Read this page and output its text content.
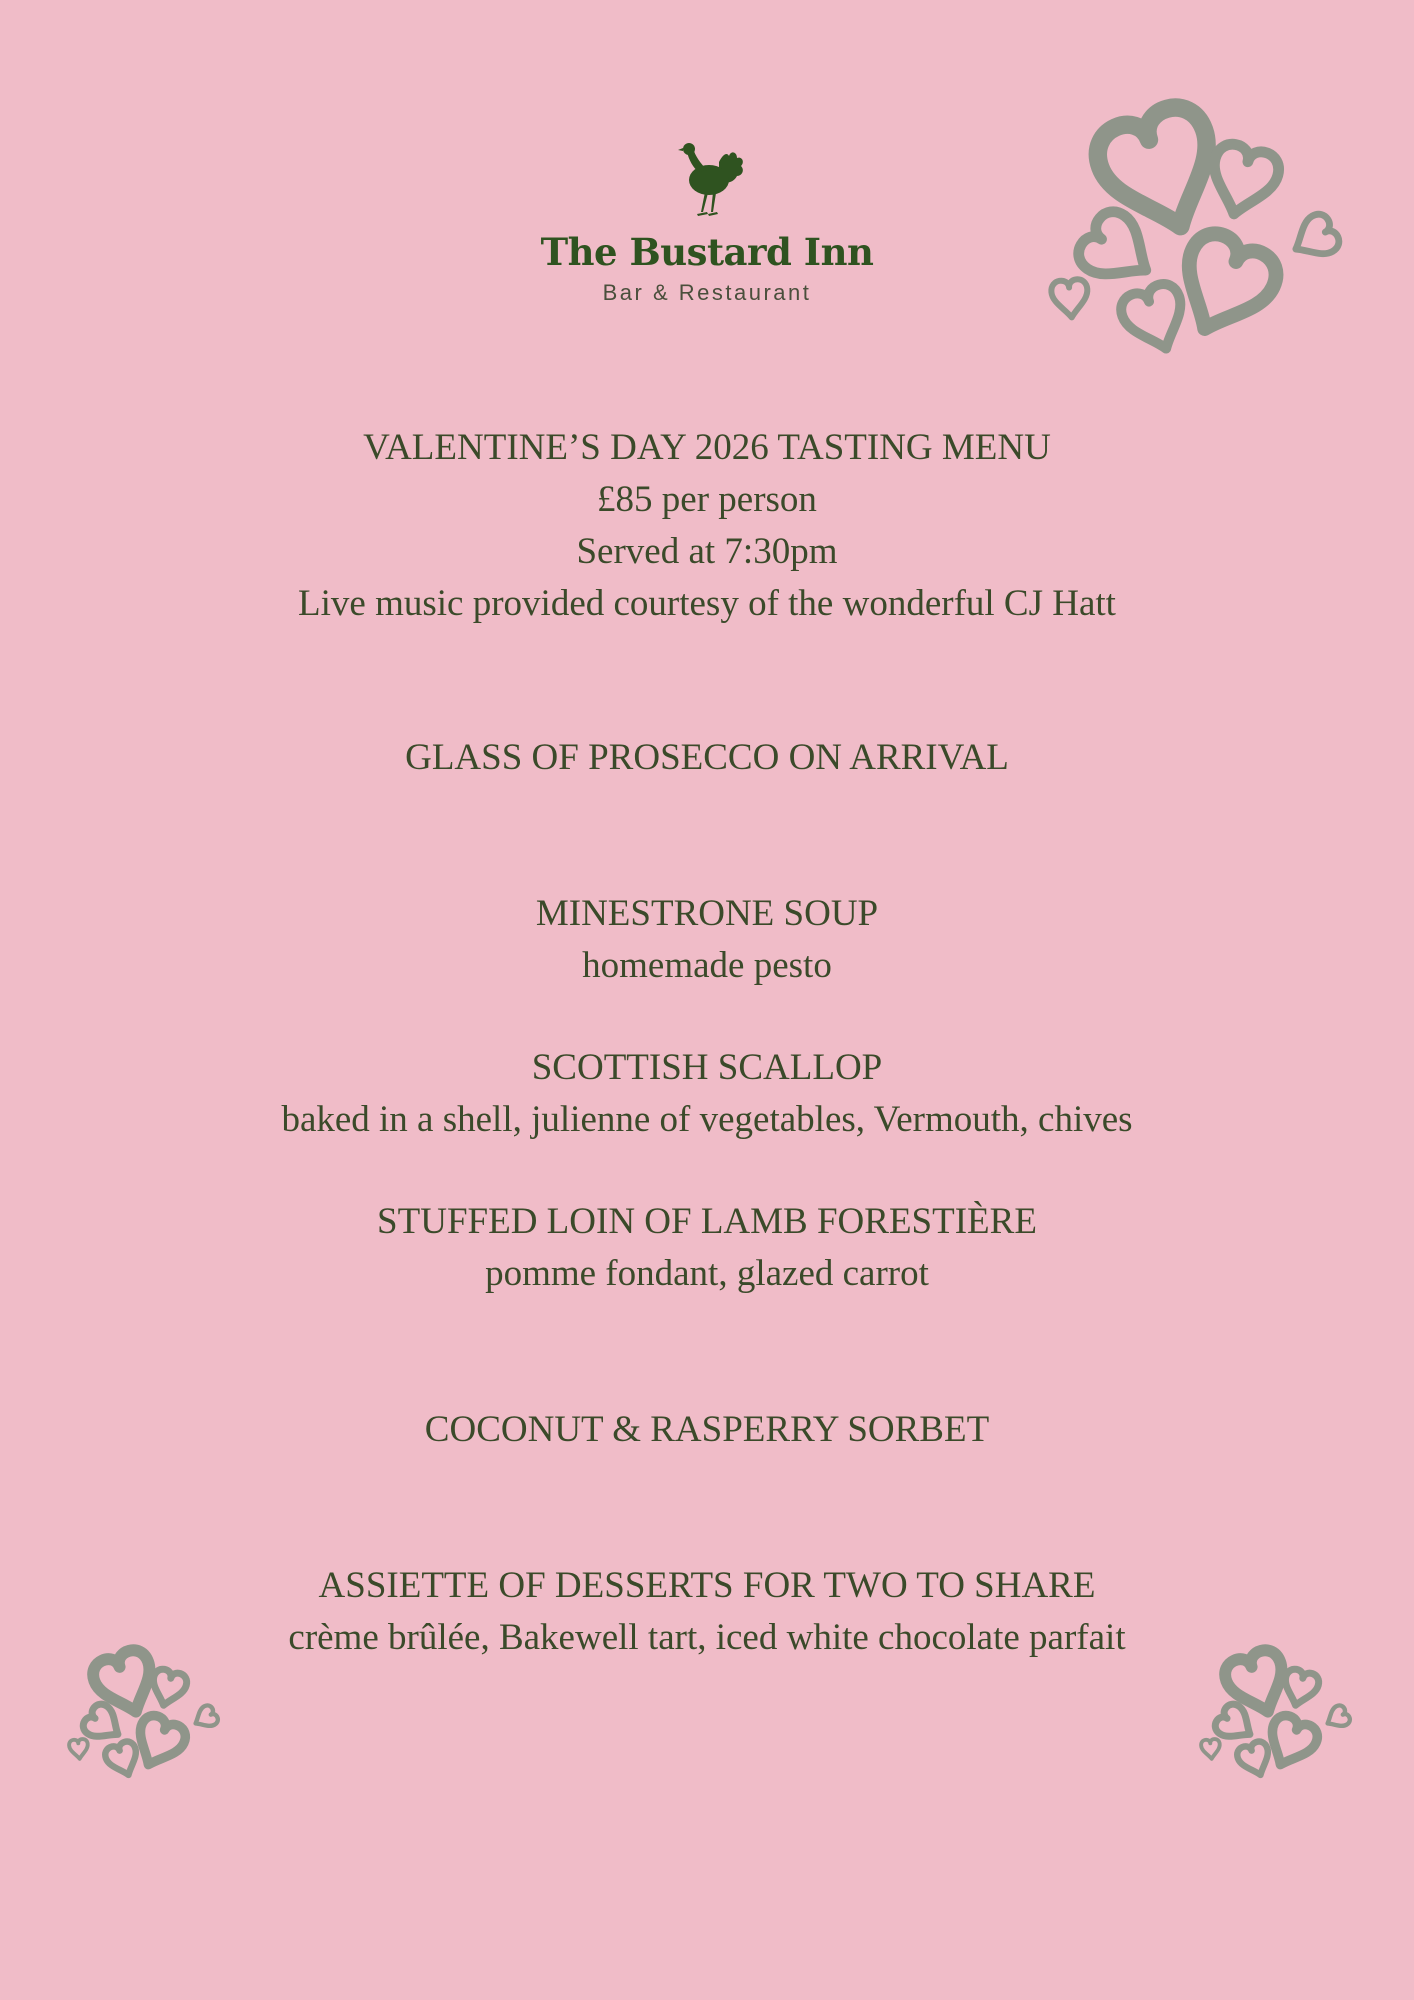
The Bustard Inn
Bar & Restaurant
VALENTINE’S DAY 2026 TASTING MENU
£85 per person
Served at 7:30pm
Live music provided courtesy of the wonderful CJ Hatt
GLASS OF PROSECCO ON ARRIVAL
MINESTRONE SOUP
homemade pesto
SCOTTISH SCALLOP
baked in a shell, julienne of vegetables, Vermouth, chives
STUFFED LOIN OF LAMB FORESTIÈRE
pomme fondant, glazed carrot
COCONUT & RASPERRY SORBET
ASSIETTE OF DESSERTS FOR TWO TO SHARE
crème brûlée, Bakewell tart, iced white chocolate parfait
